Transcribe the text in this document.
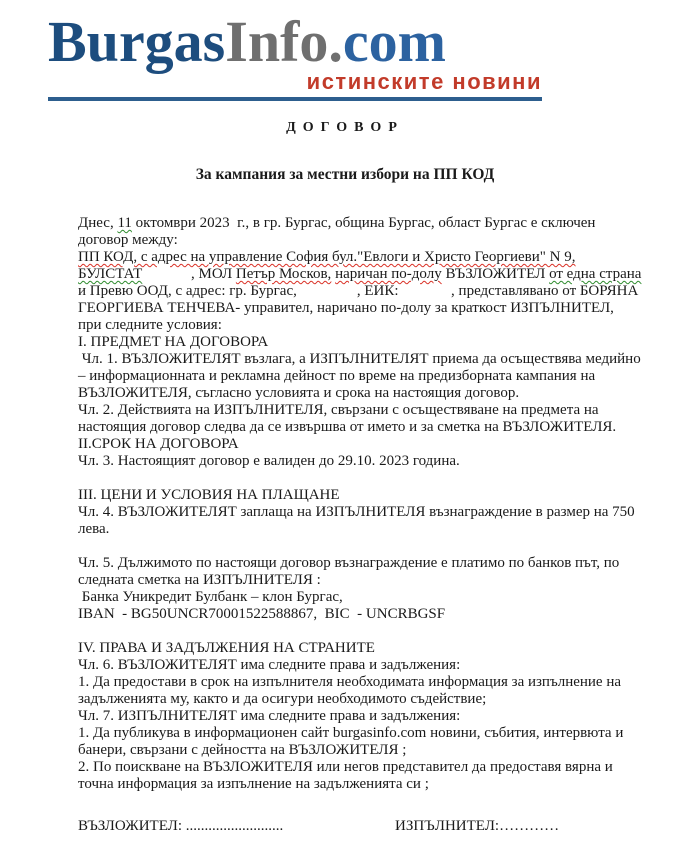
BurgasInfo.com
истинските новини
ДОГОВОР
За кампания за местни избори на ПП КОД
Днес, 11 октомври 2023  г., в гр. Бургас, община Бургас, област Бургас е сключен
договор между:
ПП КОД, с адрес на управление София бул."Евлоги и Христо Георгиеви" N 9,
БУЛСТАТ             , МОЛ Петър Москов, наричан по-долу ВЪЗЛОЖИТЕЛ от една страна
и Превю ООД, с адрес: гр. Бургас,                , ЕИК:              , представлявано от БОРЯНА
ГЕОРГИЕВА ТЕНЧЕВА- управител, наричано по-долу за краткост ИЗПЪЛНИТЕЛ,
при следните условия:
I. ПРЕДМЕТ НА ДОГОВОРА
Чл. 1. ВЪЗЛОЖИТЕЛЯТ възлага, а ИЗПЪЛНИТЕЛЯТ приема да осъществява медийно
– информационната и рекламна дейност по време на предизборната кампания на
ВЪЗЛОЖИТЕЛЯ, съгласно условията и срока на настоящия договор.
Чл. 2. Действията на ИЗПЪЛНИТЕЛЯ, свързани с осъществяване на предмета на
настоящия договор следва да се извършва от името и за сметка на ВЪЗЛОЖИТЕЛЯ.
II.СРОК НА ДОГОВОРА
Чл. 3. Настоящият договор е валиден до 29.10. 2023 година.

III. ЦЕНИ И УСЛОВИЯ НА ПЛАЩАНЕ
Чл. 4. ВЪЗЛОЖИТЕЛЯТ заплаща на ИЗПЪЛНИТЕЛЯ възнаграждение в размер на 750
лева.

Чл. 5. Дължимото по настоящи договор възнаграждение е платимо по банков път, по
следната сметка на ИЗПЪЛНИТЕЛЯ :
Банка Уникредит Булбанк – клон Бургас,
IBAN  - BG50UNCR70001522588867,  BIC  - UNCRBGSF

IV. ПРАВА И ЗАДЪЛЖЕНИЯ НА СТРАНИТЕ
Чл. 6. ВЪЗЛОЖИТЕЛЯТ има следните права и задължения:
1. Да предостави в срок на изпълнителя необходимата информация за изпълнение на
задълженията му, както и да осигури необходимото съдействие;
Чл. 7. ИЗПЪЛНИТЕЛЯТ има следните права и задължения:
1. Да публикува в информационен сайт burgasinfo.com новини, събития, интервюта и
банери, свързани с дейността на ВЪЗЛОЖИТЕЛЯ ;
2. По поискване на ВЪЗЛОЖИТЕЛЯ или негов представител да предоставя вярна и
точна информация за изпълнение на задълженията си ;
ВЪЗЛОЖИТЕЛ: ..........................	ИЗПЪЛНИТЕЛ:…………
